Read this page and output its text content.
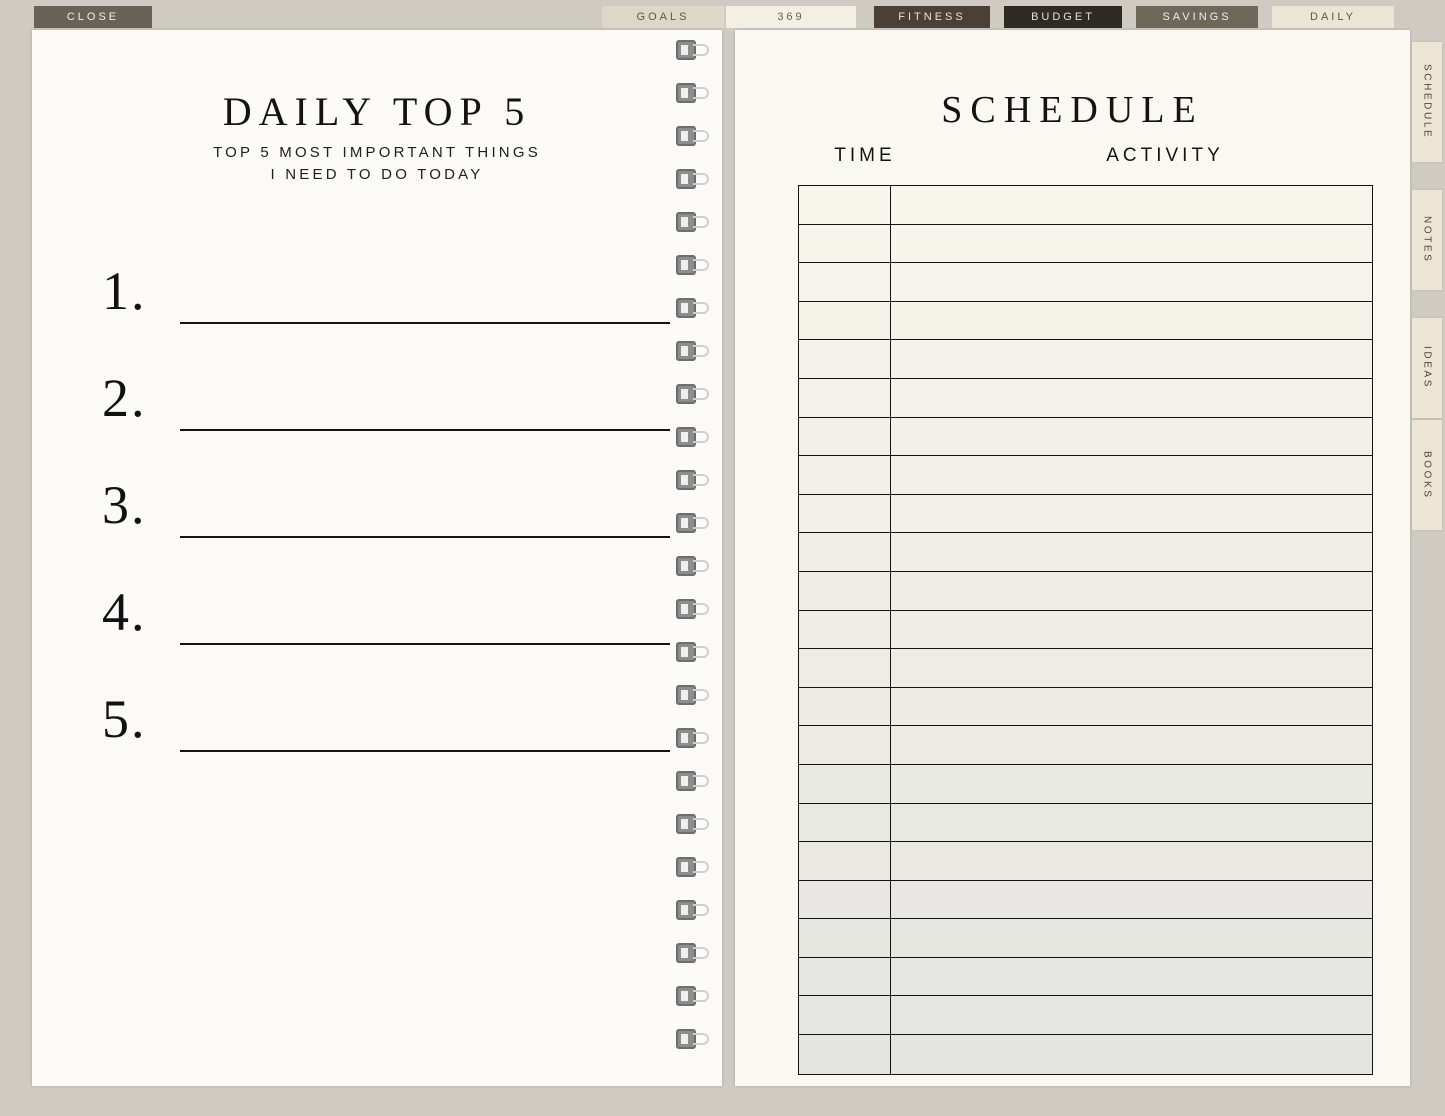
CLOSE	GOALS	369	FITNESS	BUDGET	SAVINGS	DAILY
DAILY TOP 5
TOP 5 MOST IMPORTANT THINGS
I NEED TO DO TODAY
1.
2.
3.
4.
5.
SCHEDULE
TIME	ACTIVITY
SCHEDULE
NOTES
IDEAS
BOOKS
